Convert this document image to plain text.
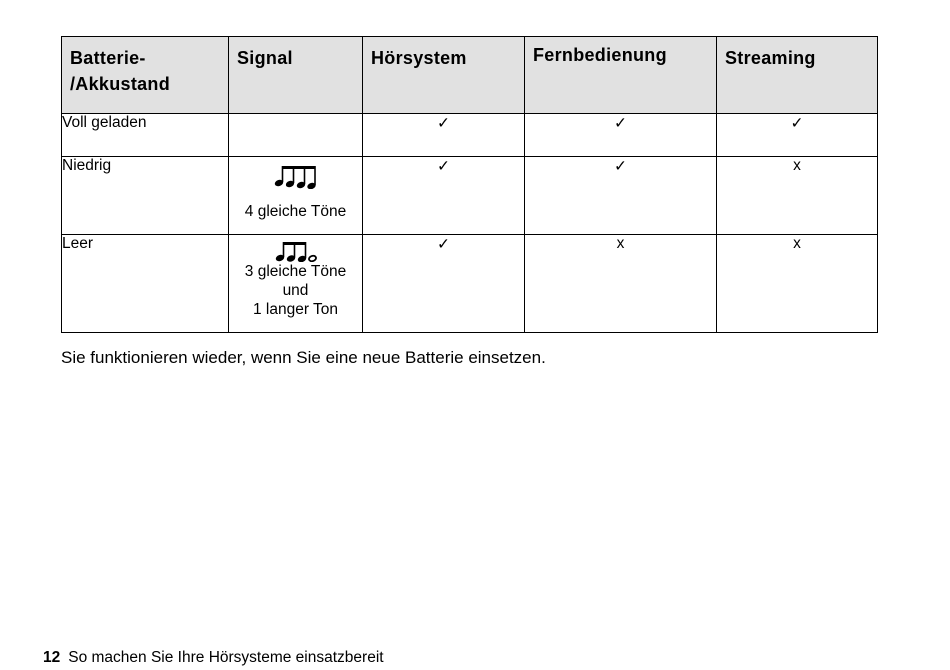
Batterie-
/Akkustand	Signal	Hörsystem	Fernbedienung	Streaming
Voll geladen		✓	✓	✓
Niedrig	4 gleiche Töne	✓	✓	x
Leer	3 gleiche Töne
und
1 langer Ton	✓	x	x

Sie funktionieren wieder, wenn Sie eine neue Batterie einsetzen.

12 So machen Sie Ihre Hörsysteme einsatzbereit
